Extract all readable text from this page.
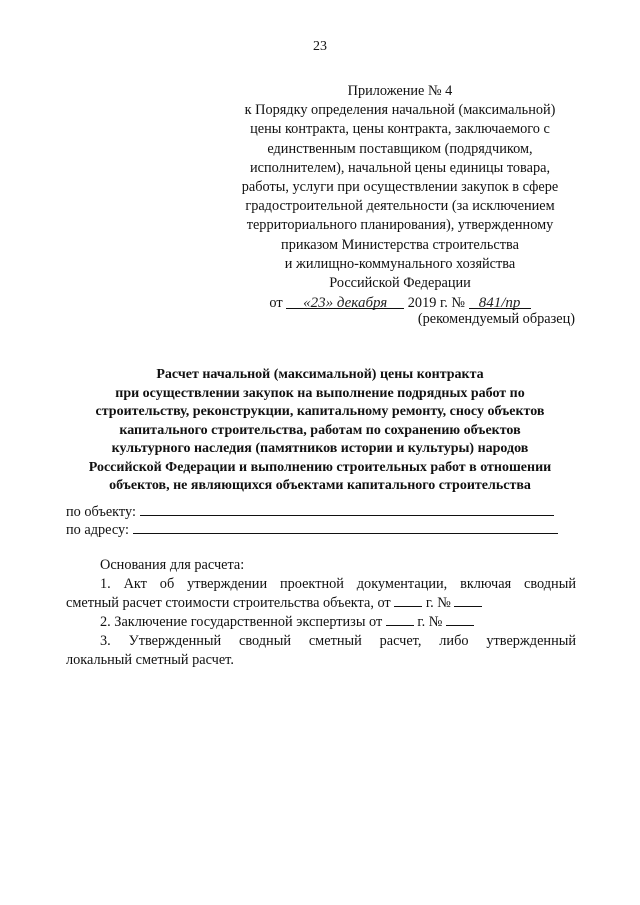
23
Приложение № 4
к Порядку определения начальной (максимальной)
цены контракта, цены контракта, заключаемого с
единственным поставщиком (подрядчиком,
исполнителем), начальной цены единицы товара,
работы, услуги при осуществлении закупок в сфере
градостроительной деятельности (за исключением
территориального планирования), утвержденному
приказом Министерства строительства
и жилищно-коммунального хозяйства
Российской Федерации
от «23» декабря 2019 г. № 841/пр
(рекомендуемый образец)
Расчет начальной (максимальной) цены контракта
при осуществлении закупок на выполнение подрядных работ по
строительству, реконструкции, капитальному ремонту, сносу объектов
капитального строительства, работам по сохранению объектов
культурного наследия (памятников истории и культуры) народов
Российской Федерации и выполнению строительных работ в отношении
объектов, не являющихся объектами капитального строительства
по объекту:
по адресу:
Основания для расчета:
1. Акт об утверждении проектной документации, включая сводный
сметный расчет стоимости строительства объекта, от г. №
2. Заключение государственной экспертизы от г. №
3. Утвержденный сводный сметный расчет, либо утвержденный
локальный сметный расчет.
